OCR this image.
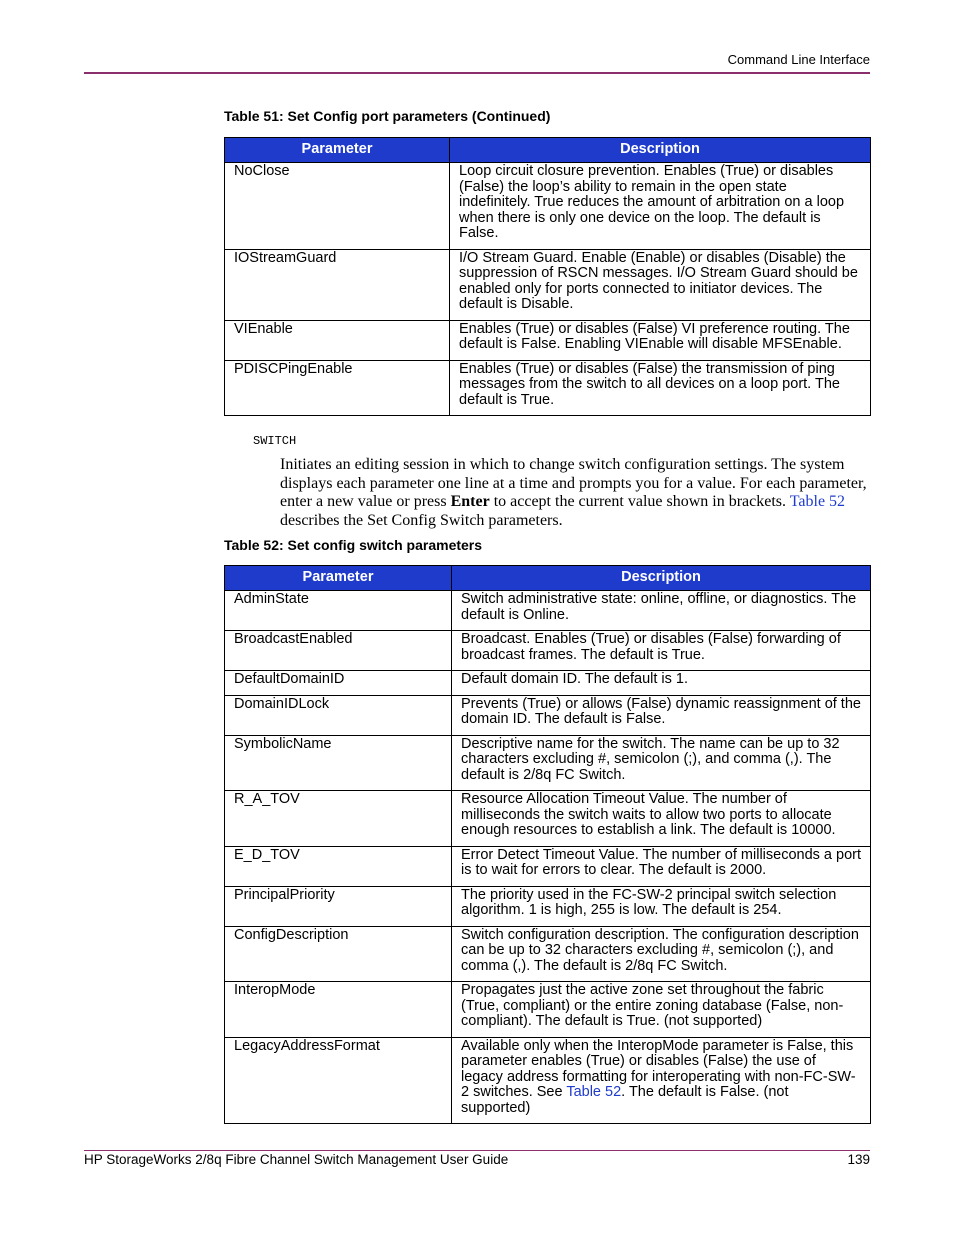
Command Line Interface
Table 51: Set Config port parameters (Continued)
Parameter	Description
NoClose	Loop circuit closure prevention. Enables (True) or disables (False) the loop’s ability to remain in the open state indefinitely. True reduces the amount of arbitration on a loop when there is only one device on the loop. The default is False.
IOStreamGuard	I/O Stream Guard. Enable (Enable) or disables (Disable) the suppression of RSCN messages. I/O Stream Guard should be enabled only for ports connected to initiator devices. The default is Disable.
VIEnable	Enables (True) or disables (False) VI preference routing. The default is False. Enabling VIEnable will disable MFSEnable.
PDISCPingEnable	Enables (True) or disables (False) the transmission of ping messages from the switch to all devices on a loop port. The default is True.
SWITCH
Initiates an editing session in which to change switch configuration settings. The system displays each parameter one line at a time and prompts you for a value. For each parameter, enter a new value or press Enter to accept the current value shown in brackets. Table 52 describes the Set Config Switch parameters.
Table 52: Set config switch parameters
Parameter	Description
AdminState	Switch administrative state: online, offline, or diagnostics. The default is Online.
BroadcastEnabled	Broadcast. Enables (True) or disables (False) forwarding of broadcast frames. The default is True.
DefaultDomainID	Default domain ID. The default is 1.
DomainIDLock	Prevents (True) or allows (False) dynamic reassignment of the domain ID. The default is False.
SymbolicName	Descriptive name for the switch. The name can be up to 32 characters excluding #, semicolon (;), and comma (,). The default is 2/8q FC Switch.
R_A_TOV	Resource Allocation Timeout Value. The number of milliseconds the switch waits to allow two ports to allocate enough resources to establish a link. The default is 10000.
E_D_TOV	Error Detect Timeout Value. The number of milliseconds a port is to wait for errors to clear. The default is 2000.
PrincipalPriority	The priority used in the FC-SW-2 principal switch selection algorithm. 1 is high, 255 is low. The default is 254.
ConfigDescription	Switch configuration description. The configuration description can be up to 32 characters excluding #, semicolon (;), and comma (,). The default is 2/8q FC Switch.
InteropMode	Propagates just the active zone set throughout the fabric (True, compliant) or the entire zoning database (False, non-compliant). The default is True. (not supported)
LegacyAddressFormat	Available only when the InteropMode parameter is False, this parameter enables (True) or disables (False) the use of legacy address formatting for interoperating with non-FC-SW-2 switches. See Table 52. The default is False. (not supported)
HP StorageWorks 2/8q Fibre Channel Switch Management User Guide	139
